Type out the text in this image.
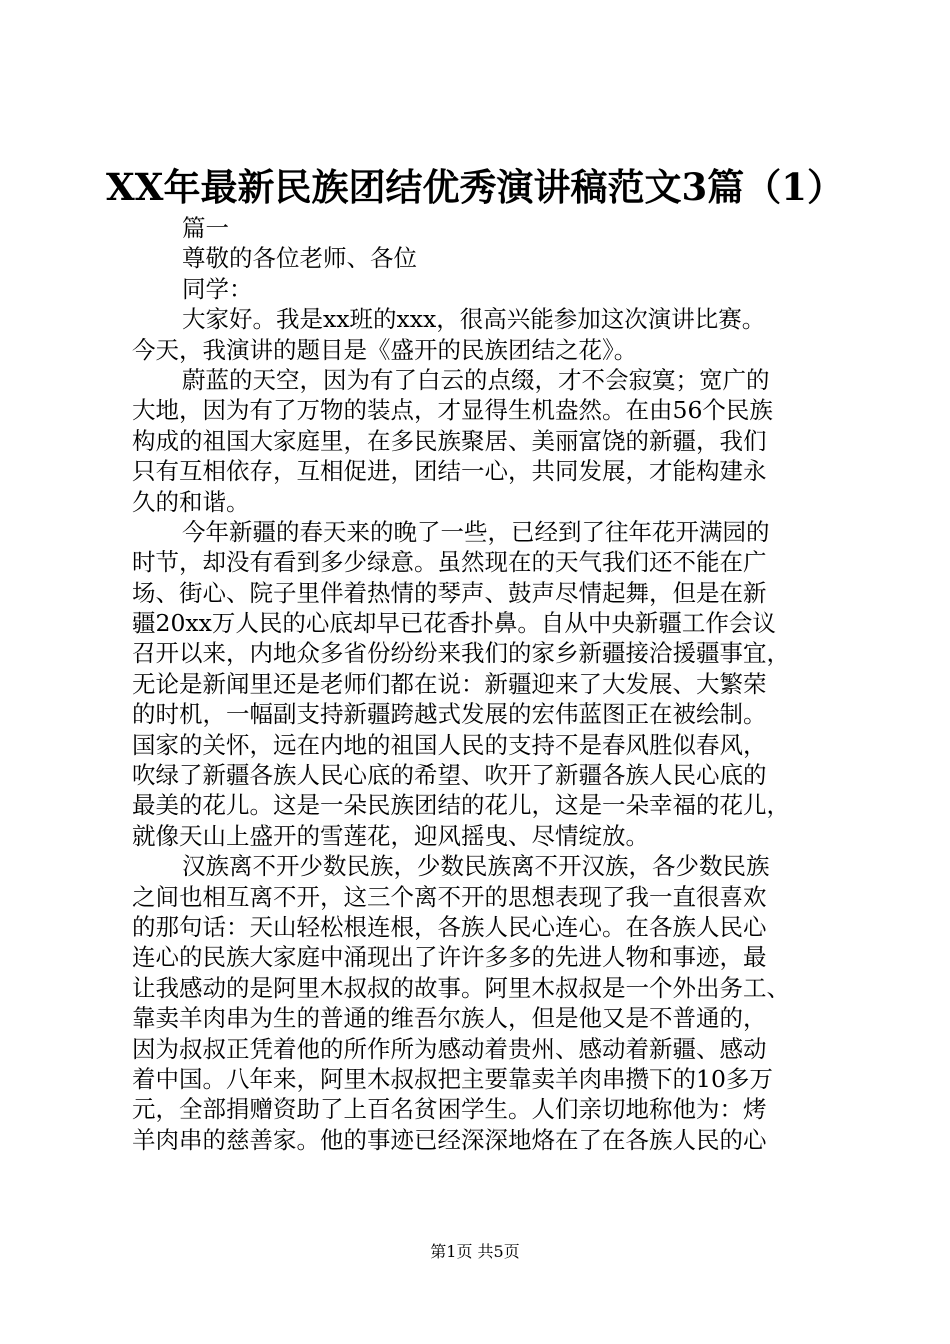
XX年最新民族团结优秀演讲稿范文3篇（1）
篇一
尊敬的各位老师、各位
同学：
大家好。我是xx班的xxx，很高兴能参加这次演讲比赛。
今天，我演讲的题目是《盛开的民族团结之花》。
蔚蓝的天空，因为有了白云的点缀，才不会寂寞；宽广的
大地，因为有了万物的装点，才显得生机盎然。在由56个民族
构成的祖国大家庭里，在多民族聚居、美丽富饶的新疆，我们
只有互相依存，互相促进，团结一心，共同发展，才能构建永
久的和谐。
今年新疆的春天来的晚了一些，已经到了往年花开满园的
时节，却没有看到多少绿意。虽然现在的天气我们还不能在广
场、街心、院子里伴着热情的琴声、鼓声尽情起舞，但是在新
疆20xx万人民的心底却早已花香扑鼻。自从中央新疆工作会议
召开以来，内地众多省份纷纷来我们的家乡新疆接洽援疆事宜，
无论是新闻里还是老师们都在说：新疆迎来了大发展、大繁荣
的时机，一幅副支持新疆跨越式发展的宏伟蓝图正在被绘制。
国家的关怀，远在内地的祖国人民的支持不是春风胜似春风，
吹绿了新疆各族人民心底的希望、吹开了新疆各族人民心底的
最美的花儿。这是一朵民族团结的花儿，这是一朵幸福的花儿，
就像天山上盛开的雪莲花，迎风摇曳、尽情绽放。
汉族离不开少数民族，少数民族离不开汉族，各少数民族
之间也相互离不开，这三个离不开的思想表现了我一直很喜欢
的那句话：天山轻松根连根，各族人民心连心。在各族人民心
连心的民族大家庭中涌现出了许许多多的先进人物和事迹，最
让我感动的是阿里木叔叔的故事。阿里木叔叔是一个外出务工、
靠卖羊肉串为生的普通的维吾尔族人，但是他又是不普通的，
因为叔叔正凭着他的所作所为感动着贵州、感动着新疆、感动
着中国。八年来，阿里木叔叔把主要靠卖羊肉串攒下的10多万
元，全部捐赠资助了上百名贫困学生。人们亲切地称他为：烤
羊肉串的慈善家。他的事迹已经深深地烙在了在各族人民的心
第1页 共5页
